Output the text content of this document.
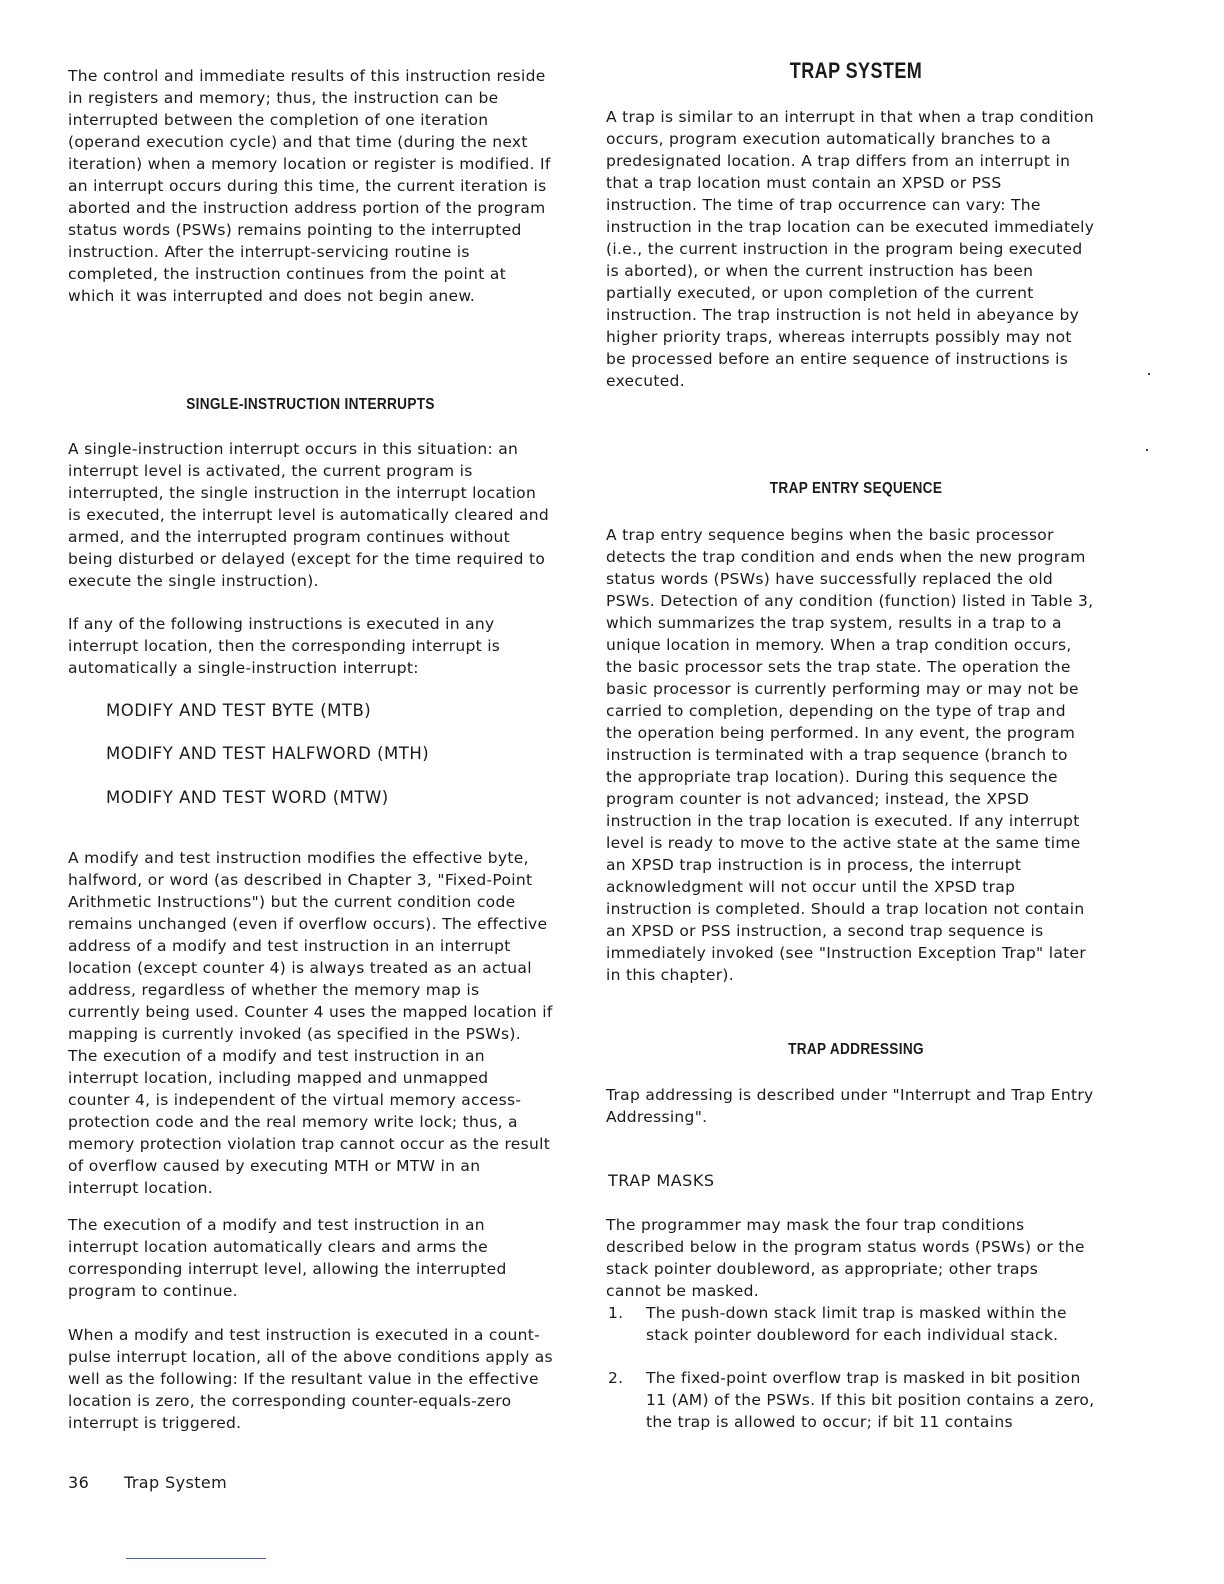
The control and immediate results of this instruction reside in registers and memory; thus, the instruction can be interrupted between the completion of one iteration (operand execution cycle) and that time (during the next iteration) when a memory location or register is modified. If an interrupt occurs during this time, the current iteration is aborted and the instruction address portion of the program status words (PSWs) remains pointing to the interrupted instruction. After the interrupt-servicing routine is completed, the instruction continues from the point at which it was interrupted and does not begin anew.

SINGLE-INSTRUCTION INTERRUPTS

A single-instruction interrupt occurs in this situation: an interrupt level is activated, the current program is interrupted, the single instruction in the interrupt location is executed, the interrupt level is automatically cleared and armed, and the interrupted program continues without being disturbed or delayed (except for the time required to execute the single instruction).

If any of the following instructions is executed in any interrupt location, then the corresponding interrupt is automatically a single-instruction interrupt:

MODIFY AND TEST BYTE (MTB)
MODIFY AND TEST HALFWORD (MTH)
MODIFY AND TEST WORD (MTW)

A modify and test instruction modifies the effective byte, halfword, or word (as described in Chapter 3, "Fixed-Point Arithmetic Instructions") but the current condition code remains unchanged (even if overflow occurs). The effective address of a modify and test instruction in an interrupt location (except counter 4) is always treated as an actual address, regardless of whether the memory map is currently being used. Counter 4 uses the mapped location if mapping is currently invoked (as specified in the PSWs). The execution of a modify and test instruction in an interrupt location, including mapped and unmapped counter 4, is independent of the virtual memory access-protection code and the real memory write lock; thus, a memory protection violation trap cannot occur as the result of overflow caused by executing MTH or MTW in an interrupt location.

The execution of a modify and test instruction in an interrupt location automatically clears and arms the corresponding interrupt level, allowing the interrupted program to continue.

When a modify and test instruction is executed in a count-pulse interrupt location, all of the above conditions apply as well as the following: If the resultant value in the effective location is zero, the corresponding counter-equals-zero interrupt is triggered.

TRAP SYSTEM

A trap is similar to an interrupt in that when a trap condition occurs, program execution automatically branches to a predesignated location. A trap differs from an interrupt in that a trap location must contain an XPSD or PSS instruction. The time of trap occurrence can vary: The instruction in the trap location can be executed immediately (i.e., the current instruction in the program being executed is aborted), or when the current instruction has been partially executed, or upon completion of the current instruction. The trap instruction is not held in abeyance by higher priority traps, whereas interrupts possibly may not be processed before an entire sequence of instructions is executed.

TRAP ENTRY SEQUENCE

A trap entry sequence begins when the basic processor detects the trap condition and ends when the new program status words (PSWs) have successfully replaced the old PSWs. Detection of any condition (function) listed in Table 3, which summarizes the trap system, results in a trap to a unique location in memory. When a trap condition occurs, the basic processor sets the trap state. The operation the basic processor is currently performing may or may not be carried to completion, depending on the type of trap and the operation being performed. In any event, the program instruction is terminated with a trap sequence (branch to the appropriate trap location). During this sequence the program counter is not advanced; instead, the XPSD instruction in the trap location is executed. If any interrupt level is ready to move to the active state at the same time an XPSD trap instruction is in process, the interrupt acknowledgment will not occur until the XPSD trap instruction is completed. Should a trap location not contain an XPSD or PSS instruction, a second trap sequence is immediately invoked (see "Instruction Exception Trap" later in this chapter).

TRAP ADDRESSING

Trap addressing is described under "Interrupt and Trap Entry Addressing".

TRAP MASKS

The programmer may mask the four trap conditions described below in the program status words (PSWs) or the stack pointer doubleword, as appropriate; other traps cannot be masked.

1. The push-down stack limit trap is masked within the stack pointer doubleword for each individual stack.
2. The fixed-point overflow trap is masked in bit position 11 (AM) of the PSWs. If this bit position contains a zero, the trap is allowed to occur; if bit 11 contains
36 Trap System
